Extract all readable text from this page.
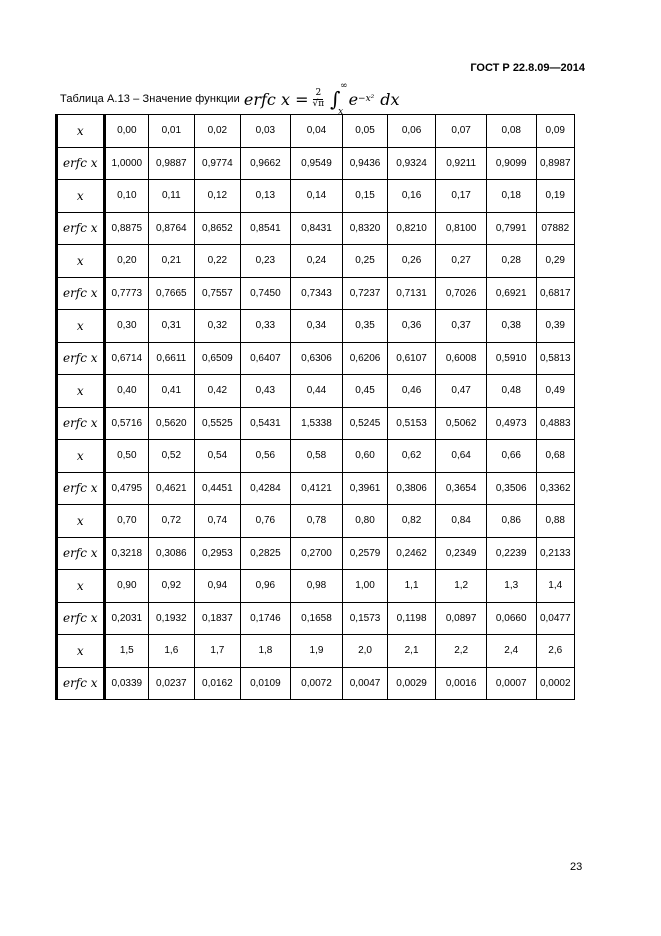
ГОСТ Р 22.8.09—2014
Таблица А.13 – Значение функции erfc $x = \frac{2}{√\pi}$ ∫
∞
x
e −x² dx
x	0,00	0,01	0,02	0,03	0,04	0,05	0,06	0,07	0,08	0,09
erfc x	1,0000	0,9887	0,9774	0,9662	0,9549	0,9436	0,9324	0,9211	0,9099	0,8987
x	0,10	0,11	0,12	0,13	0,14	0,15	0,16	0,17	0,18	0,19
erfc x	0,8875	0,8764	0,8652	0,8541	0,8431	0,8320	0,8210	0,8100	0,7991	07882
x	0,20	0,21	0,22	0,23	0,24	0,25	0,26	0,27	0,28	0,29
erfc x	0,7773	0,7665	0,7557	0,7450	0,7343	0,7237	0,7131	0,7026	0,6921	0,6817
x	0,30	0,31	0,32	0,33	0,34	0,35	0,36	0,37	0,38	0,39
erfc x	0,6714	0,6611	0,6509	0,6407	0,6306	0,6206	0,6107	0,6008	0,5910	0,5813
x	0,40	0,41	0,42	0,43	0,44	0,45	0,46	0,47	0,48	0,49
erfc x	0,5716	0,5620	0,5525	0,5431	1,5338	0,5245	0,5153	0,5062	0,4973	0,4883
x	0,50	0,52	0,54	0,56	0,58	0,60	0,62	0,64	0,66	0,68
erfc x	0,4795	0,4621	0,4451	0,4284	0,4121	0,3961	0,3806	0,3654	0,3506	0,3362
x	0,70	0,72	0,74	0,76	0,78	0,80	0,82	0,84	0,86	0,88
erfc x	0,3218	0,3086	0,2953	0,2825	0,2700	0,2579	0,2462	0,2349	0,2239	0,2133
x	0,90	0,92	0,94	0,96	0,98	1,00	1,1	1,2	1,3	1,4
erfc x	0,2031	0,1932	0,1837	0,1746	0,1658	0,1573	0,1198	0,0897	0,0660	0,0477
x	1,5	1,6	1,7	1,8	1,9	2,0	2,1	2,2	2,4	2,6
erfc x	0,0339	0,0237	0,0162	0,0109	0,0072	0,0047	0,0029	0,0016	0,0007	0,0002
23
